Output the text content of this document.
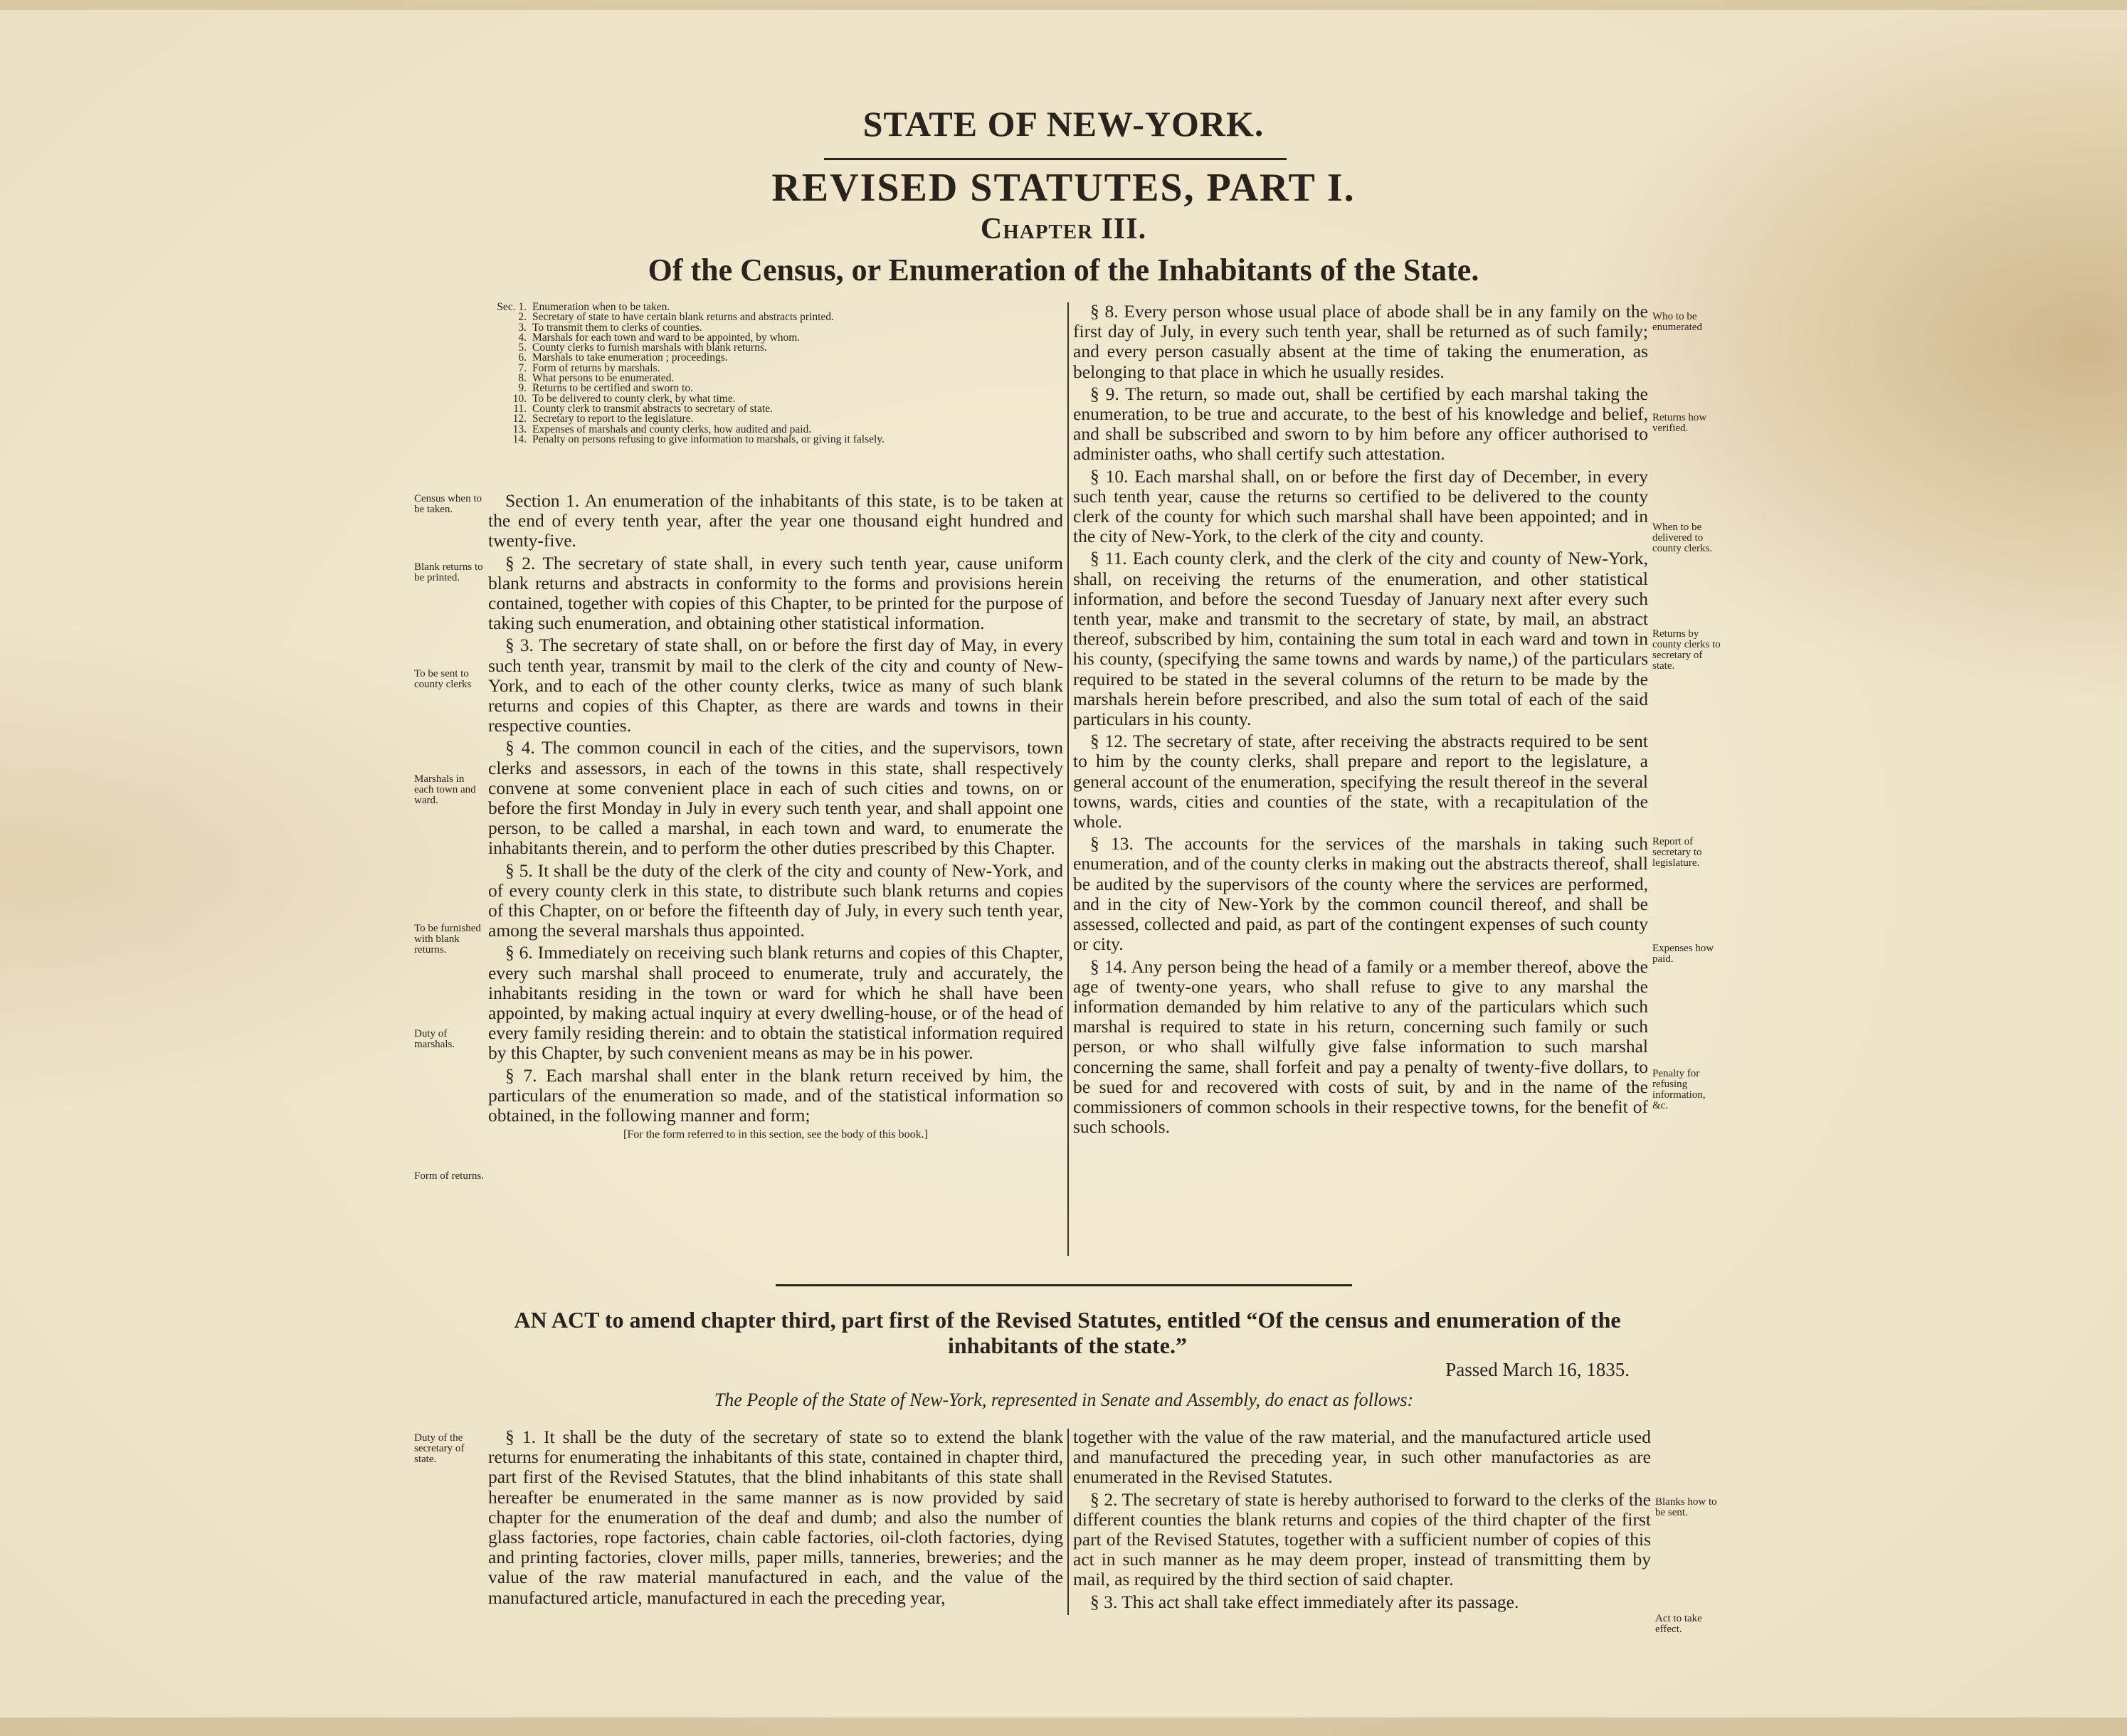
STATE OF NEW-YORK.
REVISED STATUTES, PART I.
Chapter III.
Of the Census, or Enumeration of the Inhabitants of the State.
Sec. 1. Enumeration when to be taken.
2. Secretary of state to have certain blank returns and abstracts printed.
3. To transmit them to clerks of counties.
4. Marshals for each town and ward to be appointed, by whom.
5. County clerks to furnish marshals with blank returns.
6. Marshals to take enumeration ; proceedings.
7. Form of returns by marshals.
8. What persons to be enumerated.
9. Returns to be certified and sworn to.
10. To be delivered to county clerk, by what time.
11. County clerk to transmit abstracts to secretary of state.
12. Secretary to report to the legislature.
13. Expenses of marshals and county clerks, how audited and paid.
14. Penalty on persons refusing to give information to marshals, or giving it falsely.

Section 1. An enumeration of the inhabitants of this state, is to be taken at the end of every tenth year, after the year one thousand eight hundred and twenty-five.

§ 2. The secretary of state shall, in every such tenth year, cause uniform blank returns and abstracts in conformity to the forms and provisions herein contained, together with copies of this Chapter, to be printed for the purpose of taking such enumeration, and obtaining other statistical information.

§ 3. The secretary of state shall, on or before the first day of May, in every such tenth year, transmit by mail to the clerk of the city and county of New-York, and to each of the other county clerks, twice as many of such blank returns and copies of this Chapter, as there are wards and towns in their respective counties.

§ 4. The common council in each of the cities, and the supervisors, town clerks and assessors, in each of the towns in this state, shall respectively convene at some convenient place in each of such cities and towns, on or before the first Monday in July in every such tenth year, and shall appoint one person, to be called a marshal, in each town and ward, to enumerate the inhabitants therein, and to perform the other duties prescribed by this Chapter.

§ 5. It shall be the duty of the clerk of the city and county of New-York, and of every county clerk in this state, to distribute such blank returns and copies of this Chapter, on or before the fifteenth day of July, in every such tenth year, among the several marshals thus appointed.

§ 6. Immediately on receiving such blank returns and copies of this Chapter, every such marshal shall proceed to enumerate, truly and accurately, the inhabitants residing in the town or ward for which he shall have been appointed, by making actual inquiry at every dwelling-house, or of the head of every family residing therein: and to obtain the statistical information required by this Chapter, by such convenient means as may be in his power.

§ 7. Each marshal shall enter in the blank return received by him, the particulars of the enumeration so made, and of the statistical information so obtained, in the following manner and form;

[For the form referred to in this section, see the body of this book.]

§ 8. Every person whose usual place of abode shall be in any family on the first day of July, in every such tenth year, shall be returned as of such family; and every person casually absent at the time of taking the enumeration, as belonging to that place in which he usually resides.

§ 9. The return, so made out, shall be certified by each marshal taking the enumeration, to be true and accurate, to the best of his knowledge and belief, and shall be subscribed and sworn to by him before any officer authorised to administer oaths, who shall certify such attestation.

§ 10. Each marshal shall, on or before the first day of December, in every such tenth year, cause the returns so certified to be delivered to the county clerk of the county for which such marshal shall have been appointed; and in the city of New-York, to the clerk of the city and county.

§ 11. Each county clerk, and the clerk of the city and county of New-York, shall, on receiving the returns of the enumeration, and other statistical information, and before the second Tuesday of January next after every such tenth year, make and transmit to the secretary of state, by mail, an abstract thereof, subscribed by him, containing the sum total in each ward and town in his county, (specifying the same towns and wards by name,) of the particulars required to be stated in the several columns of the return to be made by the marshals herein before prescribed, and also the sum total of each of the said particulars in his county.

§ 12. The secretary of state, after receiving the abstracts required to be sent to him by the county clerks, shall prepare and report to the legislature, a general account of the enumeration, specifying the result thereof in the several towns, wards, cities and counties of the state, with a recapitulation of the whole.

§ 13. The accounts for the services of the marshals in taking such enumeration, and of the county clerks in making out the abstracts thereof, shall be audited by the supervisors of the county where the services are performed, and in the city of New-York by the common council thereof, and shall be assessed, collected and paid, as part of the contingent expenses of such county or city.

§ 14. Any person being the head of a family or a member thereof, above the age of twenty-one years, who shall refuse to give to any marshal the information demanded by him relative to any of the particulars which such marshal is required to state in his return, concerning such family or such person, or who shall wilfully give false information to such marshal concerning the same, shall forfeit and pay a penalty of twenty-five dollars, to be sued for and recovered with costs of suit, by and in the name of the commissioners of common schools in their respective towns, for the benefit of such schools.

Census when to be taken.
Blank returns to be printed.
To be sent to county clerks
Marshals in each town and ward.
To be furnished with blank returns.
Duty of marshals.
Form of returns.
Who to be enumerated
Returns how verified.
When to be delivered to county clerks.
Returns by county clerks to secretary of state.
Report of secretary to legislature.
Expenses how paid.
Penalty for refusing information, &c.
AN ACT to amend chapter third, part first of the Revised Statutes, entitled “Of the census and enumeration of the inhabitants of the state.”
Passed March 16, 1835.
The People of the State of New-York, represented in Senate and Assembly, do enact as follows:

§ 1. It shall be the duty of the secretary of state so to extend the blank returns for enumerating the inhabitants of this state, contained in chapter third, part first of the Revised Statutes, that the blind inhabitants of this state shall hereafter be enumerated in the same manner as is now provided by said chapter for the enumeration of the deaf and dumb; and also the number of glass factories, rope factories, chain cable factories, oil-cloth factories, dying and printing factories, clover mills, paper mills, tanneries, breweries; and the value of the raw material manufactured in each, and the value of the manufactured article, manufactured in each the preceding year,

together with the value of the raw material, and the manufactured article used and manufactured the preceding year, in such other manufactories as are enumerated in the Revised Statutes.

§ 2. The secretary of state is hereby authorised to forward to the clerks of the different counties the blank returns and copies of the third chapter of the first part of the Revised Statutes, together with a sufficient number of copies of this act in such manner as he may deem proper, instead of transmitting them by mail, as required by the third section of said chapter.

§ 3. This act shall take effect immediately after its passage.

Duty of the secretary of state.
Blanks how to be sent.
Act to take effect.
